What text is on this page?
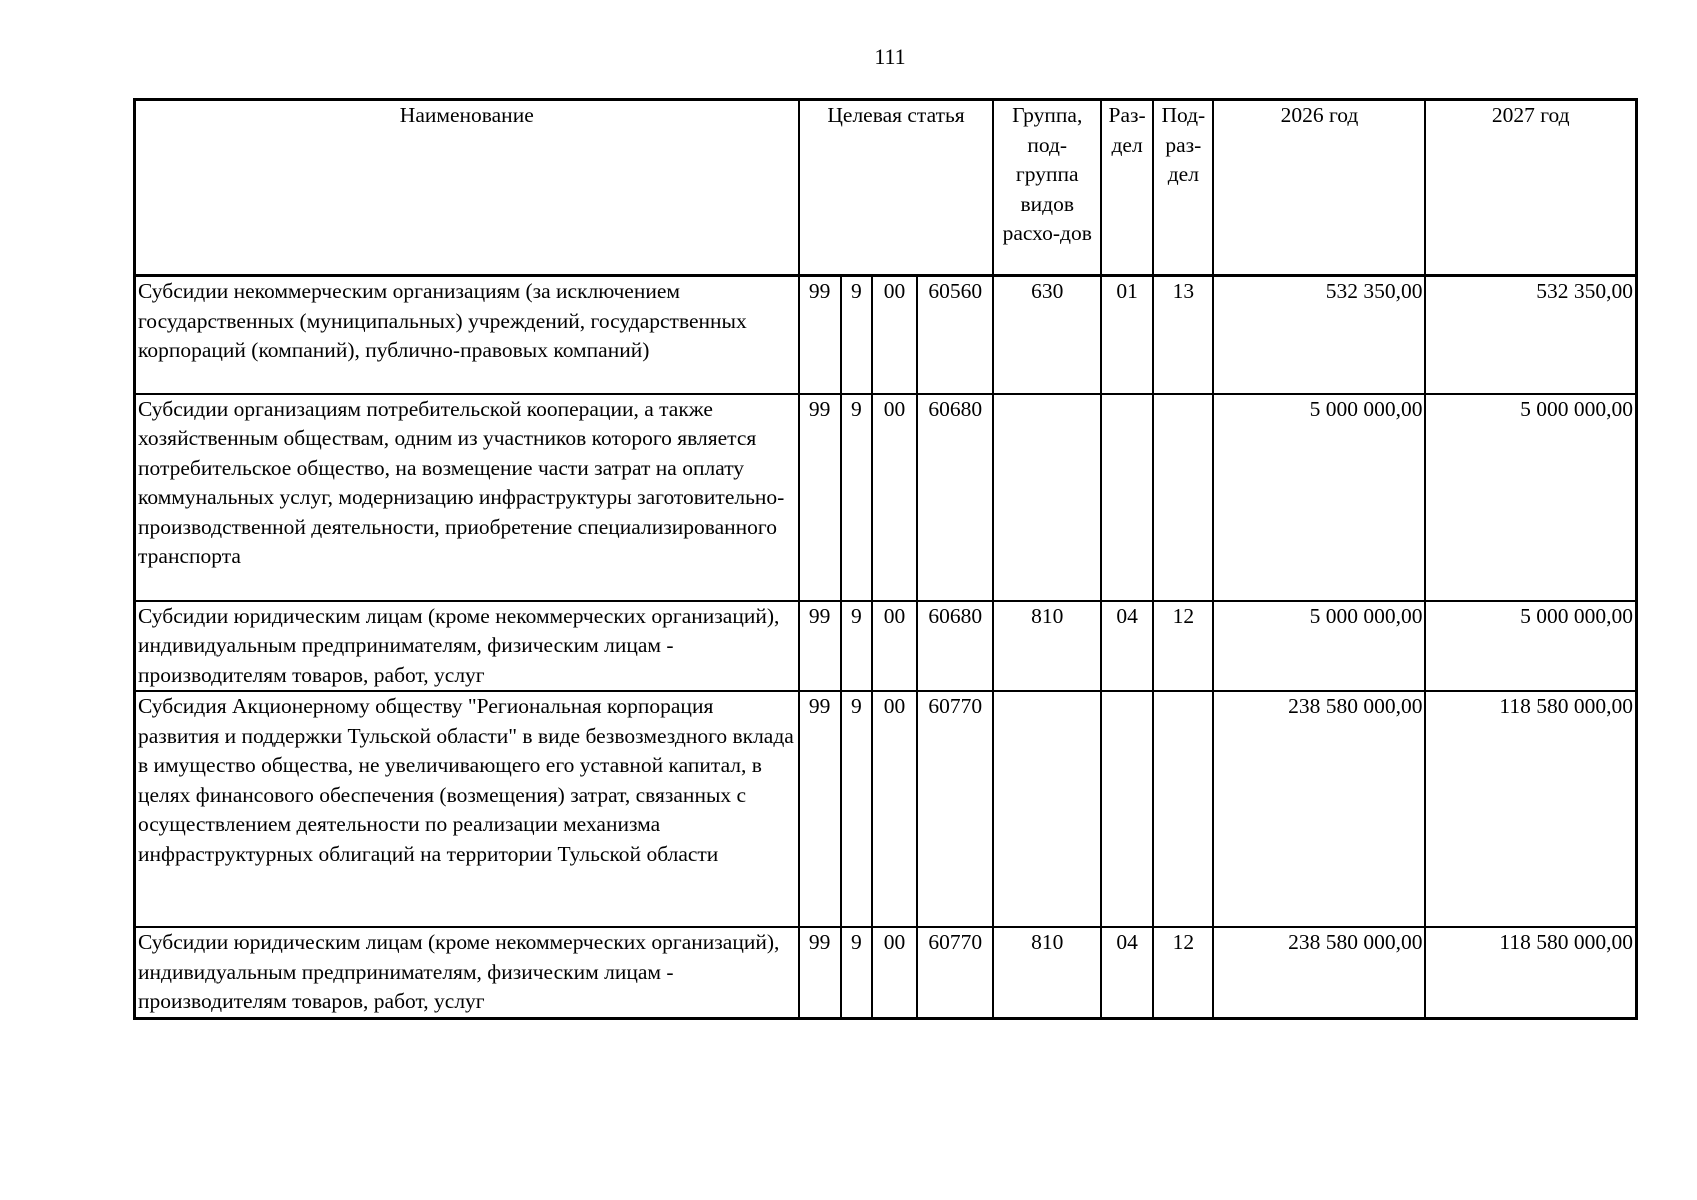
111
Наименование	Целевая статья				Группа, под-группа видов расхо-дов	Раз-дел	Под-раз-дел	2026 год	2027 год
Субсидии некоммерческим организациям (за исключением государственных (муниципальных) учреждений, государственных корпораций (компаний), публично-правовых компаний)	99	9	00	60560	630	01	13	532 350,00	532 350,00
Субсидии организациям потребительской кооперации, а также хозяйственным обществам, одним из участников которого является потребительское общество, на возмещение части затрат на оплату коммунальных услуг, модернизацию инфраструктуры заготовительно-производственной деятельности, приобретение специализированного транспорта	99	9	00	60680				5 000 000,00	5 000 000,00
Субсидии юридическим лицам (кроме некоммерческих организаций), индивидуальным предпринимателям, физическим лицам - производителям товаров, работ, услуг	99	9	00	60680	810	04	12	5 000 000,00	5 000 000,00
Субсидия Акционерному обществу "Региональная корпорация развития и поддержки Тульской области" в виде безвозмездного вклада в имущество общества, не увеличивающего его уставной капитал, в целях финансового обеспечения (возмещения) затрат, связанных с осуществлением деятельности по реализации механизма инфраструктурных облигаций на территории Тульской области	99	9	00	60770				238 580 000,00	118 580 000,00
Субсидии юридическим лицам (кроме некоммерческих организаций), индивидуальным предпринимателям, физическим лицам - производителям товаров, работ, услуг	99	9	00	60770	810	04	12	238 580 000,00	118 580 000,00
